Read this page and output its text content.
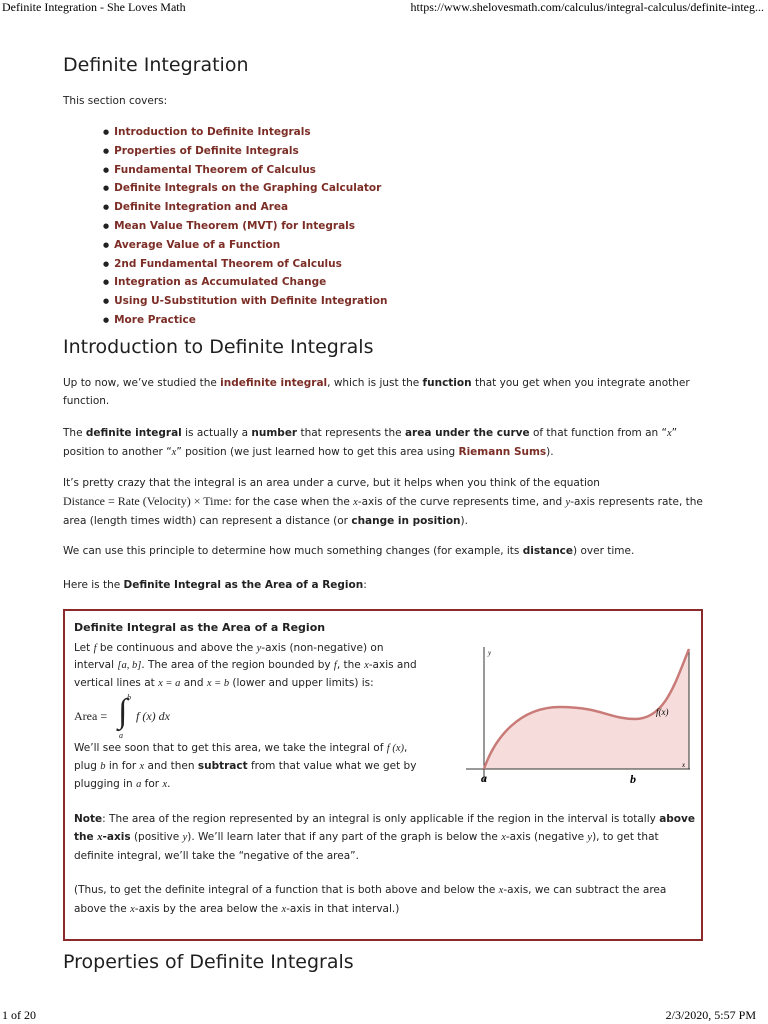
Definite Integration - She Loves Math	https://www.shelovesmath.com/calculus/integral-calculus/definite-integ...
Definite Integration
This section covers:
● Introduction to Definite Integrals
● Properties of Definite Integrals
● Fundamental Theorem of Calculus
● Definite Integrals on the Graphing Calculator
● Definite Integration and Area
● Mean Value Theorem (MVT) for Integrals
● Average Value of a Function
● 2nd Fundamental Theorem of Calculus
● Integration as Accumulated Change
● Using U-Substitution with Definite Integration
● More Practice
Introduction to Definite Integrals
Up to now, we’ve studied the indefinite integral, which is just the function that you get when you integrate another function.
The definite integral is actually a number that represents the area under the curve of that function from an “x” position to another “x” position (we just learned how to get this area using Riemann Sums).
It’s pretty crazy that the integral is an area under a curve, but it helps when you think of the equation
Distance = Rate (Velocity) × Time: for the case when the x-axis of the curve represents time, and y-axis represents rate, the area (length times width) can represent a distance (or change in position).
We can use this principle to determine how much something changes (for example, its distance) over time.
Here is the Definite Integral as the Area of a Region:
Definite Integral as the Area of a Region
Let f be continuous and above the y-axis (non-negative) on
interval [a, b]. The area of the region bounded by f, the x-axis and
vertical lines at x = a and x = b (lower and upper limits) is:
Area = ∫ b
a
f (x) dx
We’ll see soon that to get this area, we take the integral of f (x),
plug b in for x and then subtract from that value what we get by
plugging in a for x.
y
x
a	b
f(x)
Note: The area of the region represented by an integral is only applicable if the region in the interval is totally above the x-axis (positive y). We’ll learn later that if any part of the graph is below the x-axis (negative y), to get that definite integral, we’ll take the “negative of the area”.
(Thus, to get the definite integral of a function that is both above and below the x-axis, we can subtract the area above the x-axis by the area below the x-axis in that interval.)
Properties of Definite Integrals
1 of 20	2/3/2020, 5:57 PM
